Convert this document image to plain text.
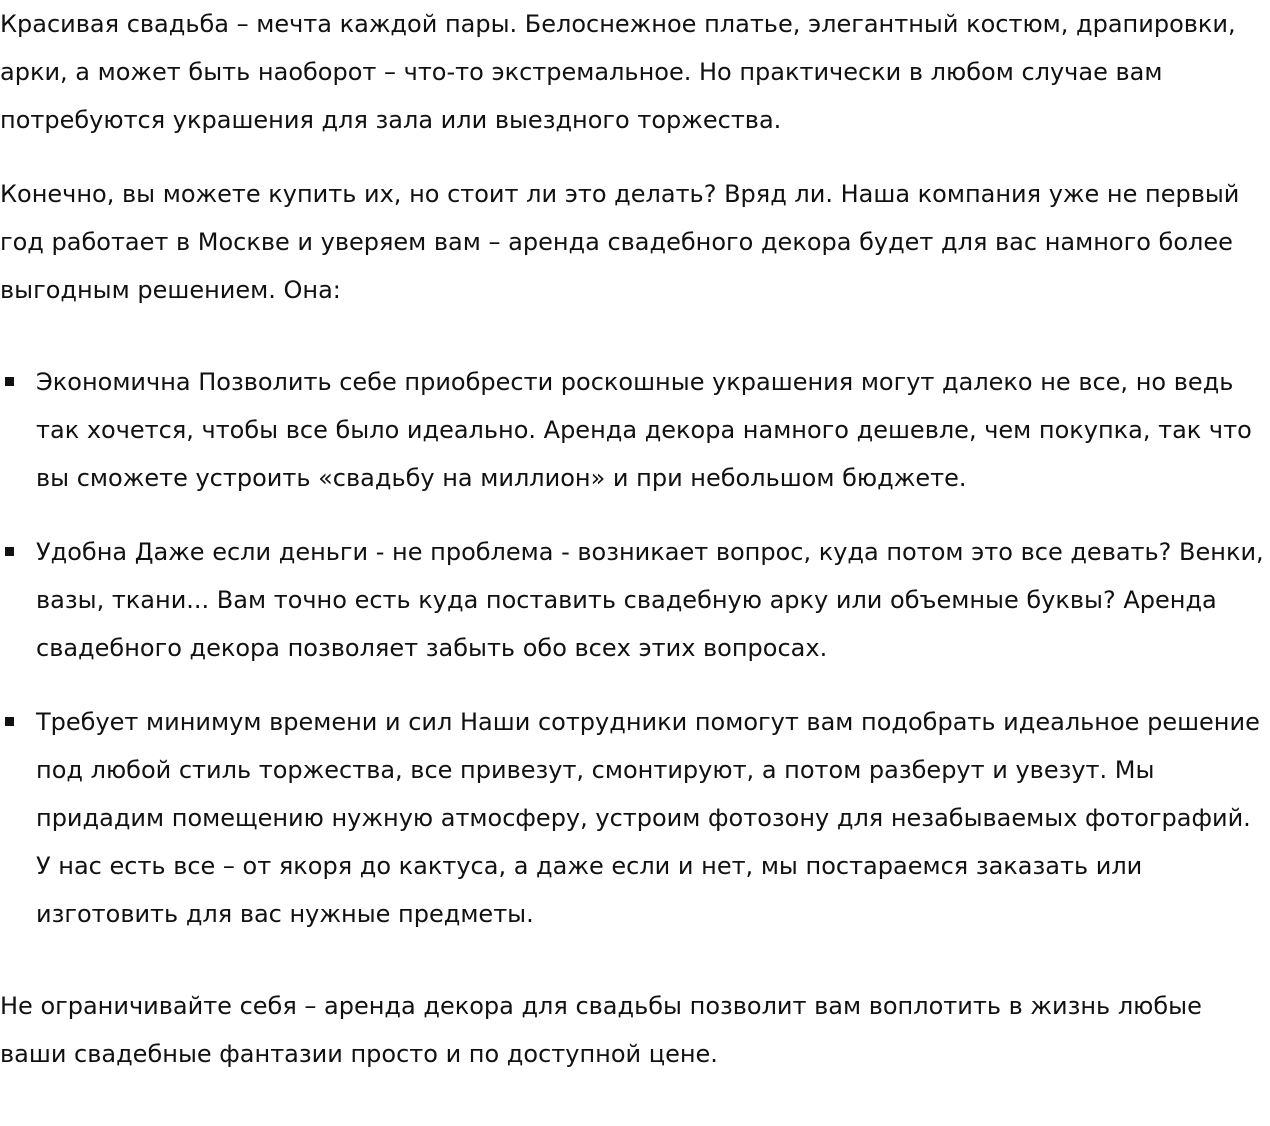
Красивая свадьба – мечта каждой пары. Белоснежное платье, элегантный костюм, драпировки, арки, а может быть наоборот – что-то экстремальное. Но практически в любом случае вам потребуются украшения для зала или выездного торжества.

Конечно, вы можете купить их, но стоит ли это делать? Вряд ли. Наша компания уже не первый год работает в Москве и уверяем вам – аренда свадебного декора будет для вас намного более выгодным решением. Она:

Экономична Позволить себе приобрести роскошные украшения могут далеко не все, но ведь так хочется, чтобы все было идеально. Аренда декора намного дешевле, чем покупка, так что вы сможете устроить «свадьбу на миллион» и при небольшом бюджете.
Удобна Даже если деньги - не проблема - возникает вопрос, куда потом это все девать? Венки, вазы, ткани... Вам точно есть куда поставить свадебную арку или объемные буквы? Аренда свадебного декора позволяет забыть обо всех этих вопросах.
Требует минимум времени и сил Наши сотрудники помогут вам подобрать идеальное решение под любой стиль торжества, все привезут, смонтируют, а потом разберут и увезут. Мы придадим помещению нужную атмосферу, устроим фотозону для незабываемых фотографий. У нас есть все – от якоря до кактуса, а даже если и нет, мы постараемся заказать или изготовить для вас нужные предметы.

Не ограничивайте себя – аренда декора для свадьбы позволит вам воплотить в жизнь любые ваши свадебные фантазии просто и по доступной цене.
